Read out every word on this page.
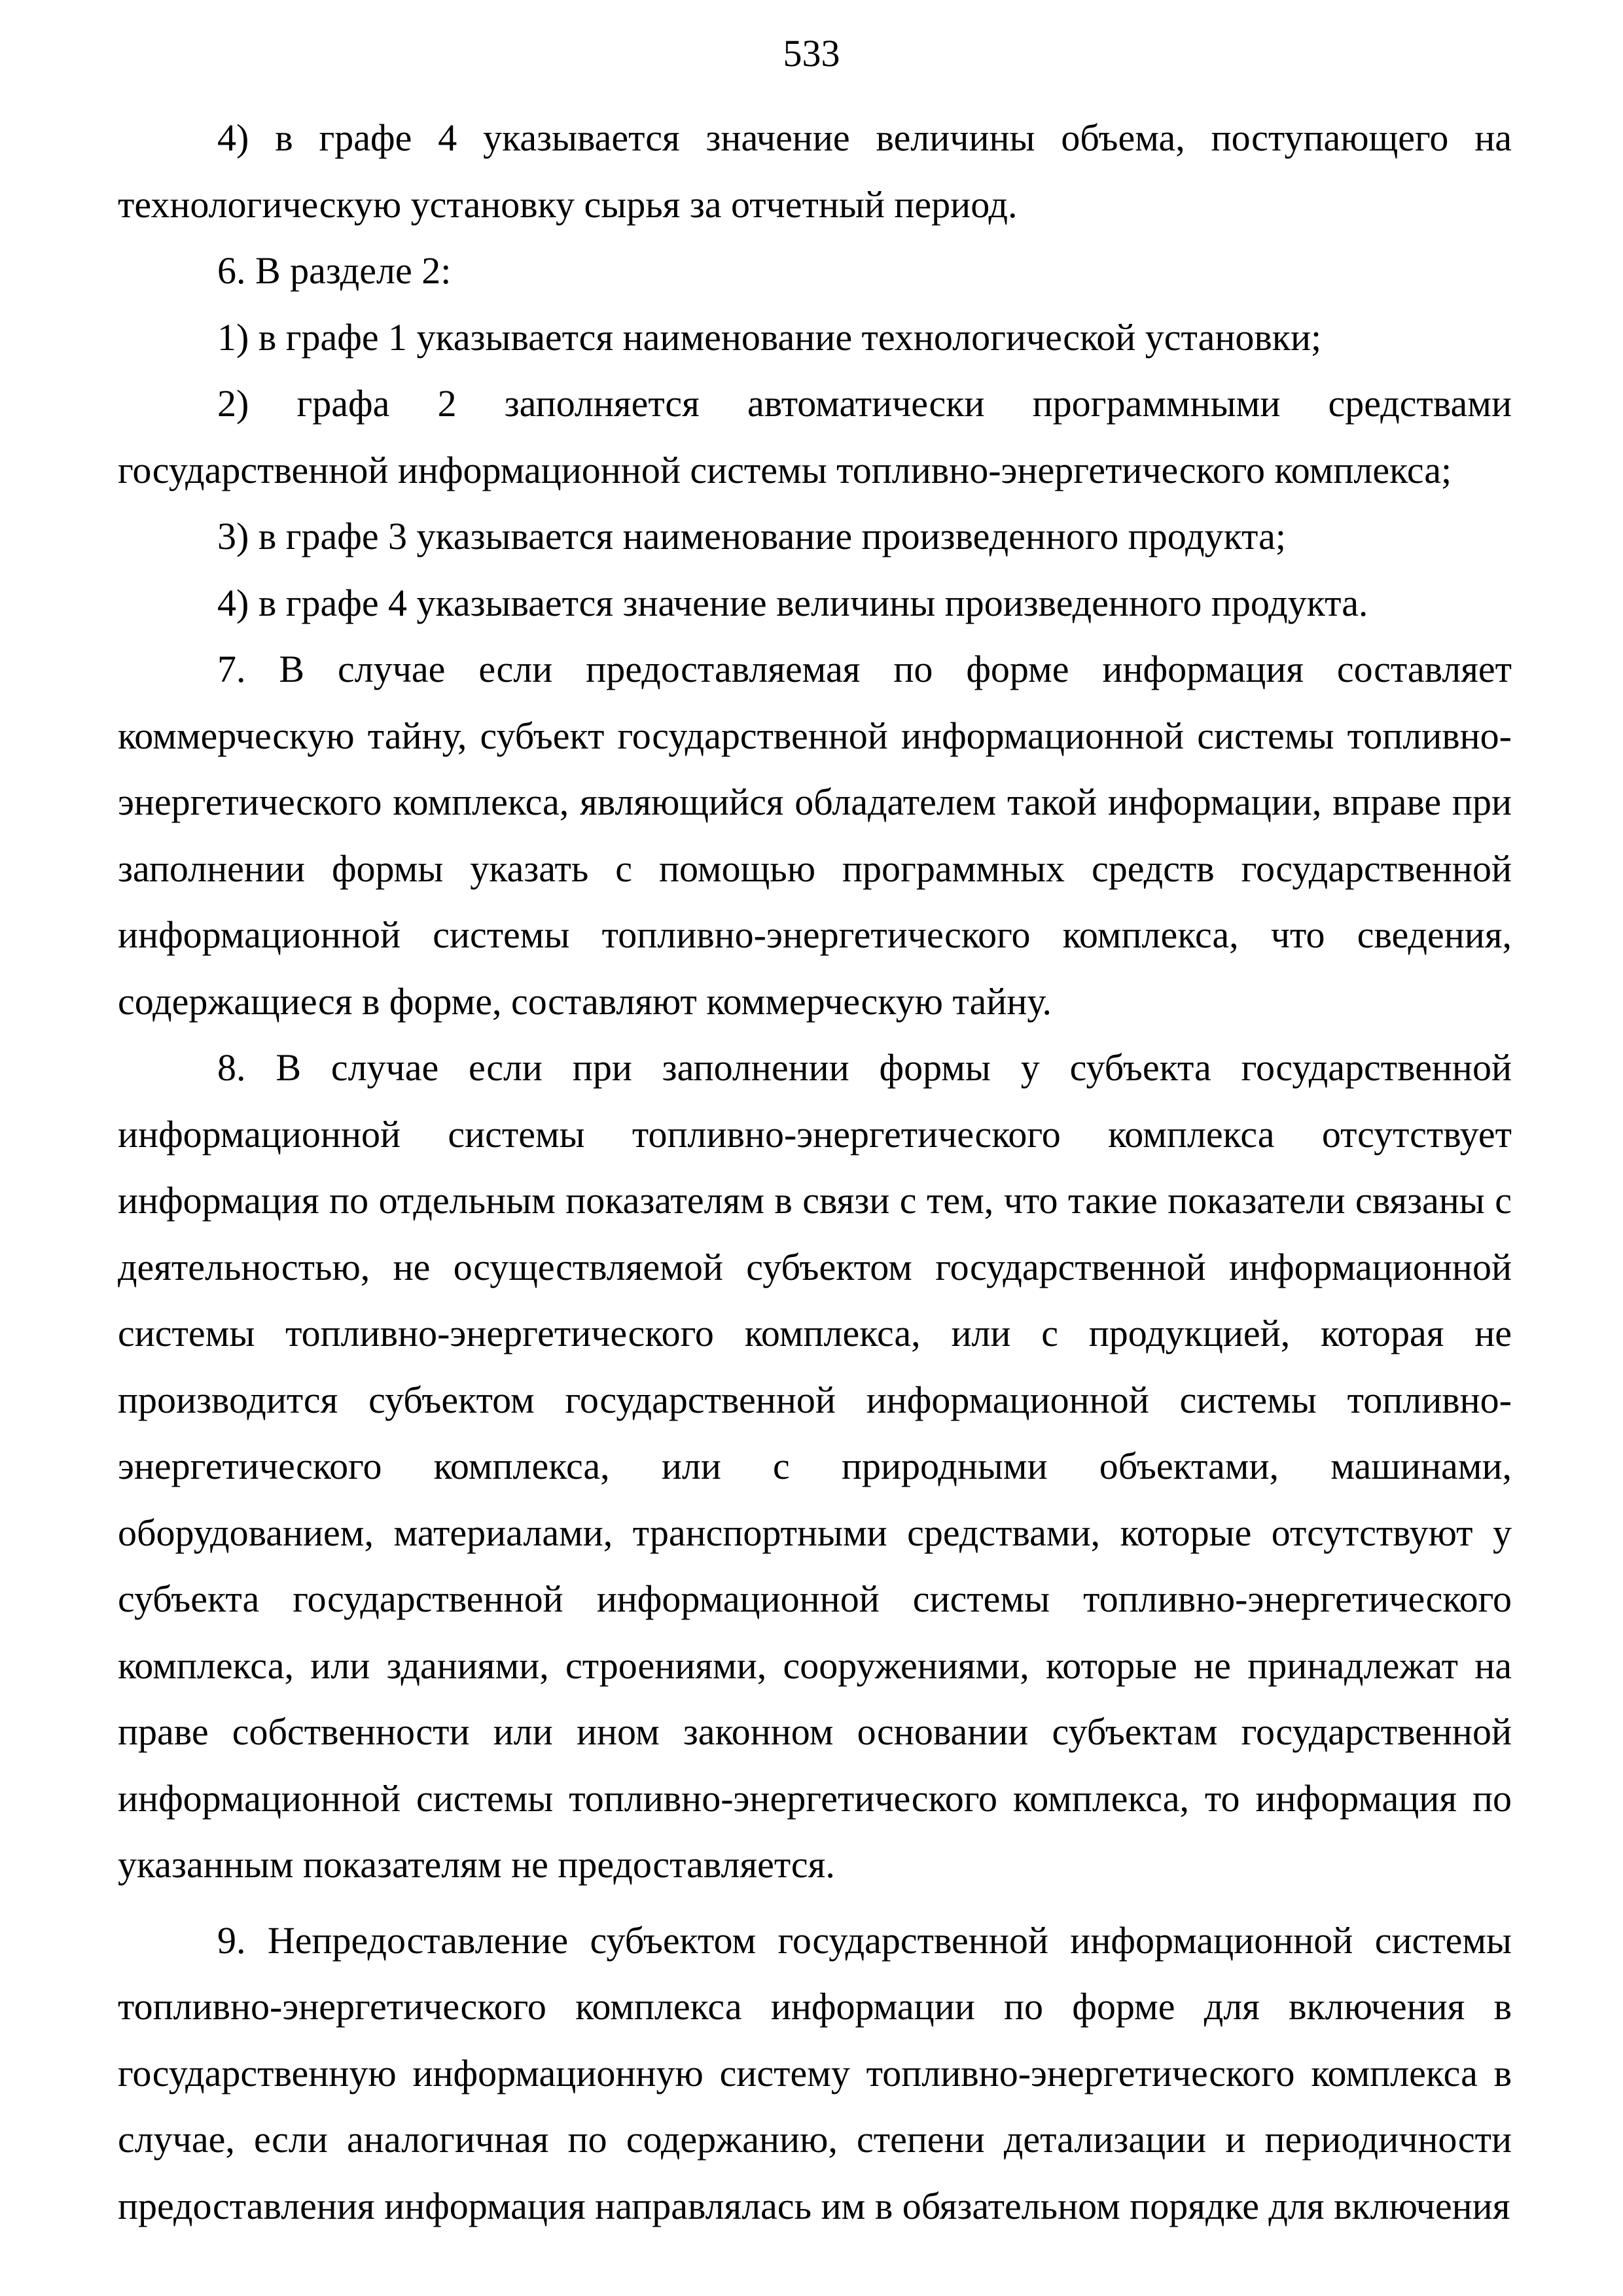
533

4) в графе 4 указывается значение величины объема, поступающего на технологическую установку сырья за отчетный период.

6. В разделе 2:

1) в графе 1 указывается наименование технологической установки;

2) графа 2 заполняется автоматически программными средствами государственной информационной системы топливно-энергетического комплекса;

3) в графе 3 указывается наименование произведенного продукта;

4) в графе 4 указывается значение величины произведенного продукта.

7. В случае если предоставляемая по форме информация составляет коммерческую тайну, субъект государственной информационной системы топливно-энергетического комплекса, являющийся обладателем такой информации, вправе при заполнении формы указать с помощью программных средств государственной информационной системы топливно-энергетического комплекса, что сведения, содержащиеся в форме, составляют коммерческую тайну.

8. В случае если при заполнении формы у субъекта государственной информационной системы топливно-энергетического комплекса отсутствует информация по отдельным показателям в связи с тем, что такие показатели связаны с деятельностью, не осуществляемой субъектом государственной информационной системы топливно-энергетического комплекса, или с продукцией, которая не производится субъектом государственной информационной системы топливно-энергетического комплекса, или с природными объектами, машинами, оборудованием, материалами, транспортными средствами, которые отсутствуют у субъекта государственной информационной системы топливно-энергетического комплекса, или зданиями, строениями, сооружениями, которые не принадлежат на праве собственности или ином законном основании субъектам государственной информационной системы топливно-энергетического комплекса, то информация по указанным показателям не предоставляется.

9. Непредоставление субъектом государственной информационной системы топливно-энергетического комплекса информации по форме для включения в государственную информационную систему топливно-энергетического комплекса в случае, если аналогичная по содержанию, степени детализации и периодичности предоставления информация направлялась им в обязательном порядке для включения
